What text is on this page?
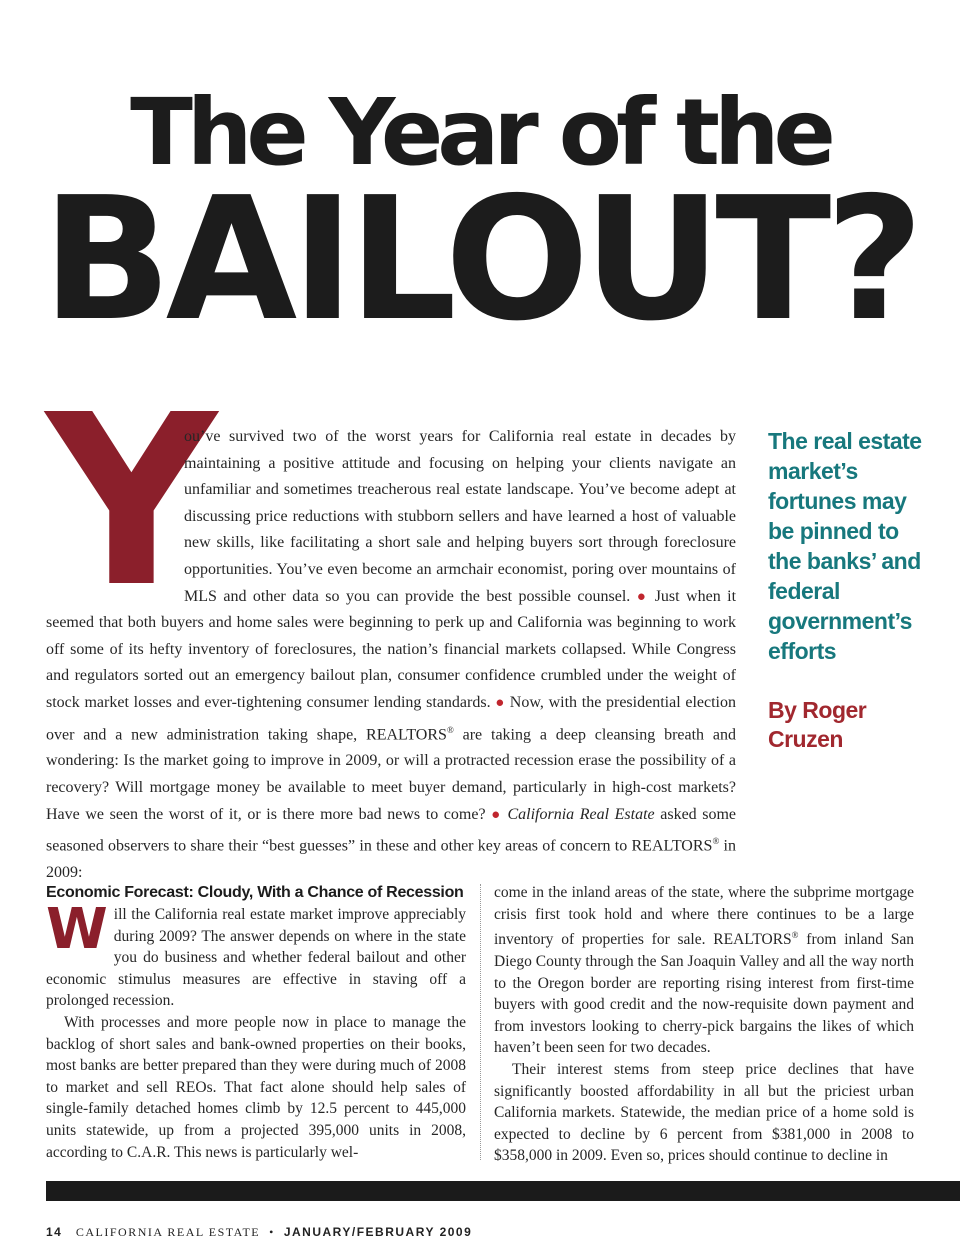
The Year of the
BAILOUT?
Y

ou’ve survived two of the worst years for California real estate in decades by maintaining a positive attitude and focusing on helping your clients navigate an unfamiliar and sometimes treacherous real estate landscape. You’ve become adept at discussing price reductions with stubborn sellers and have learned a host of valuable new skills, like facilitating a short sale and helping buyers sort through foreclosure opportunities. You’ve even become an armchair economist, poring over mountains of MLS and other data so you can provide the best possible counsel. ● Just when it seemed that both buyers and home sales were beginning to perk up and California was beginning to work off some of its hefty inventory of foreclosures, the nation’s financial markets collapsed. While Congress and regulators sorted out an emergency bailout plan, consumer confidence crumbled under the weight of stock market losses and ever-tightening consumer lending standards. ● Now, with the presidential election over and a new administration taking shape, REALTORS® are taking a deep cleansing breath and wondering: Is the market going to improve in 2009, or will a protracted recession erase the possibility of a recovery? Will mortgage money be available to meet buyer demand, particularly in high-cost markets? Have we seen the worst of it, or is there more bad news to come? ● California Real Estate asked some seasoned observers to share their “best guesses” in these and other key areas of concern to REALTORS® in 2009:

The real estate market’s fortunes may be pinned to the banks’ and federal government’s efforts
By Roger
Cruzen
Economic Forecast: Cloudy, With a Chance of Recession

Will the California real estate market improve appreciably during 2009? The answer depends on where in the state you do business and whether federal bailout and other economic stimulus measures are effective in staving off a prolonged recession.

With processes and more people now in place to manage the backlog of short sales and bank-owned properties on their books, most banks are better prepared than they were during much of 2008 to market and sell REOs. That fact alone should help sales of single-family detached homes climb by 12.5 percent to 445,000 units statewide, up from a projected 395,000 units in 2008, according to C.A.R. This news is particularly wel-

come in the inland areas of the state, where the subprime mortgage crisis first took hold and where there continues to be a large inventory of properties for sale. REALTORS® from inland San Diego County through the San Joaquin Valley and all the way north to the Oregon border are reporting rising interest from first-time buyers with good credit and the now-requisite down payment and from investors looking to cherry-pick bargains the likes of which haven’t been seen for two decades.

Their interest stems from steep price declines that have significantly boosted affordability in all but the priciest urban California markets. Statewide, the median price of a home sold is expected to decline by 6 percent from $381,000 in 2008 to $358,000 in 2009. Even so, prices should continue to decline in

14 CALIFORNIA REAL ESTATE • JANUARY/FEBRUARY 2009
